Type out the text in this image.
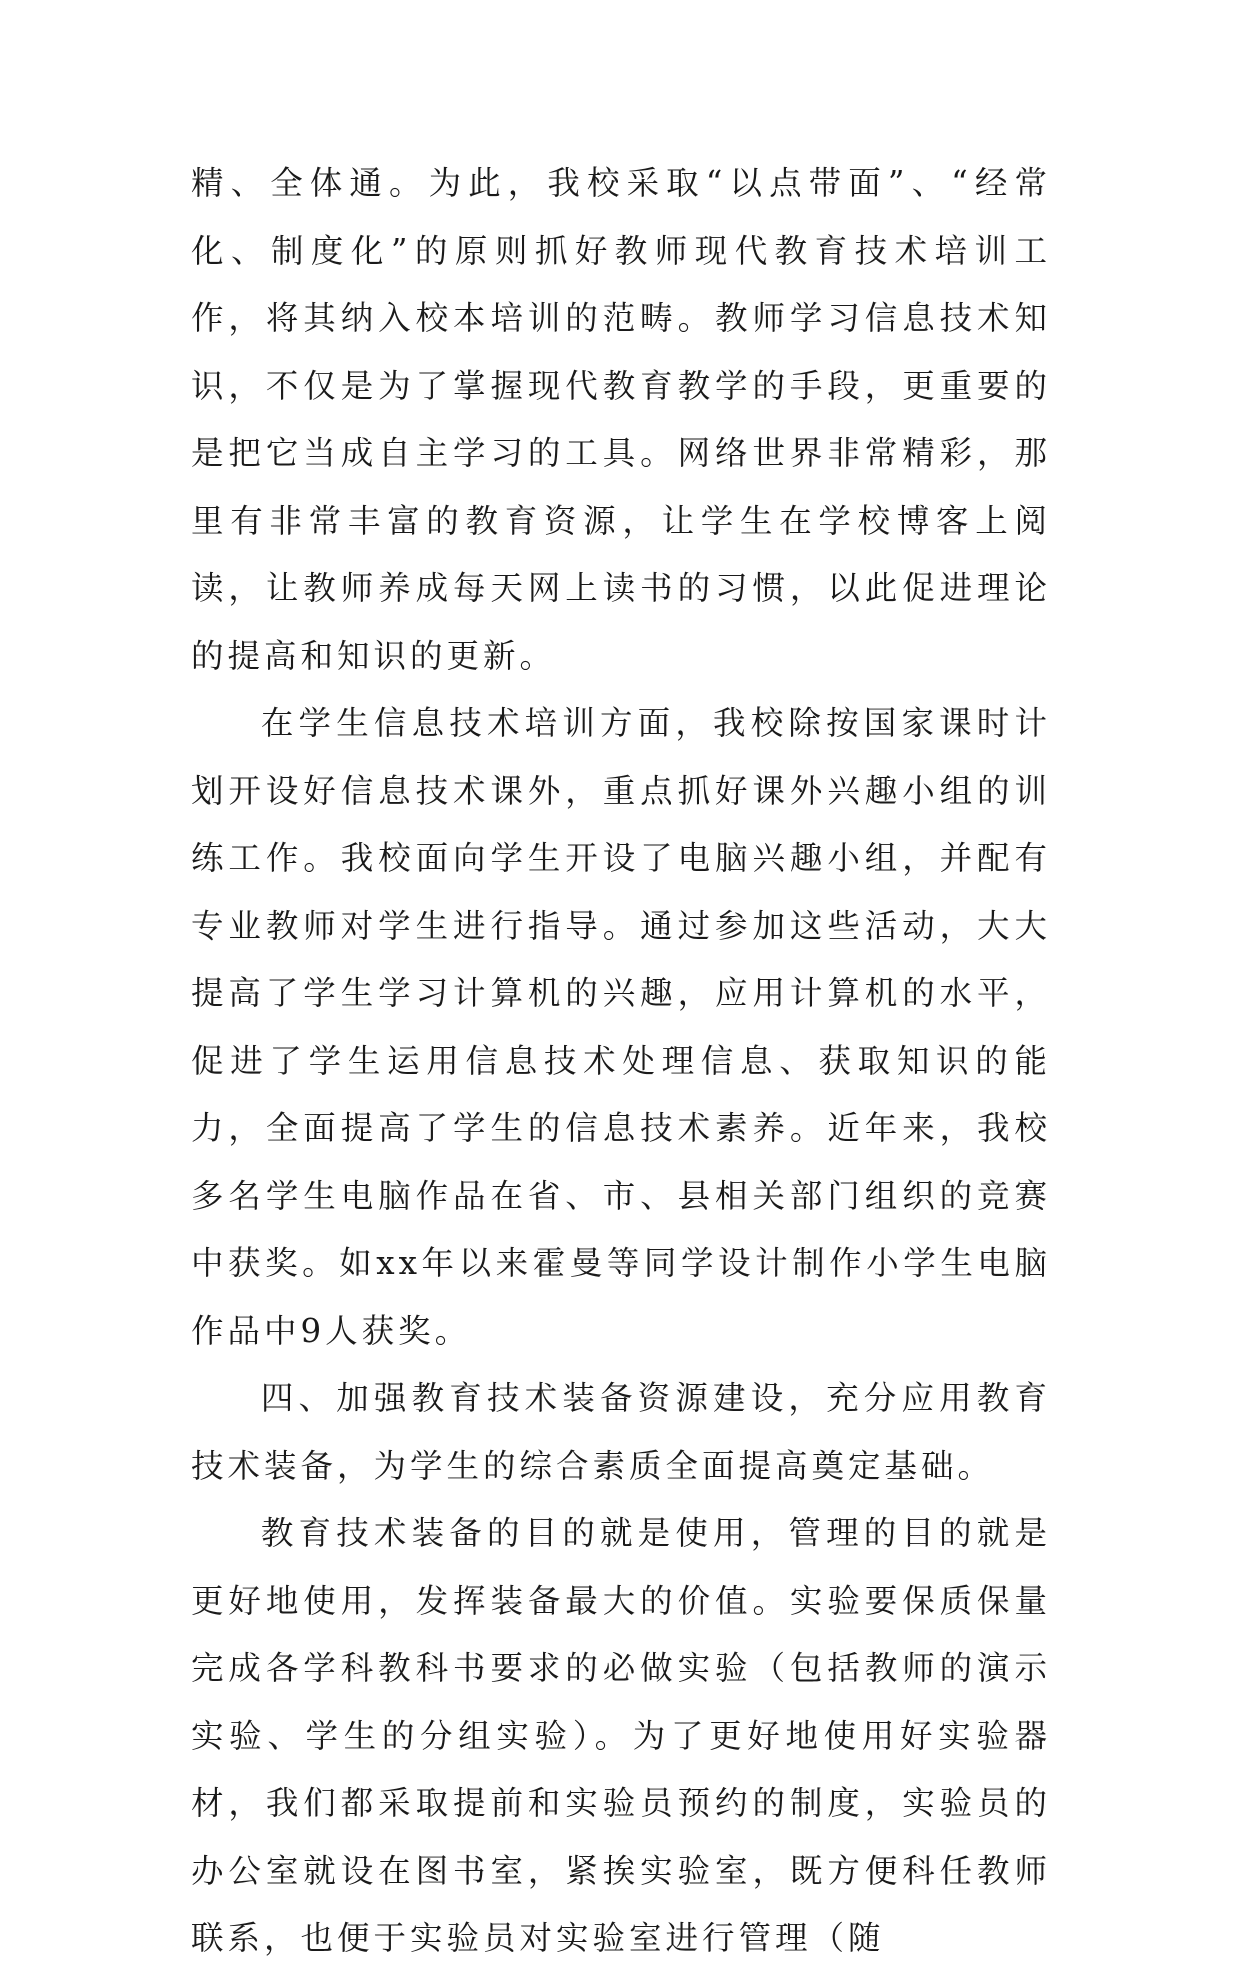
精、全体通。为此，我校采取“以点带面”、“经常化、制度化”的原则抓好教师现代教育技术培训工作，将其纳入校本培训的范畴。教师学习信息技术知识，不仅是为了掌握现代教育教学的手段，更重要的是把它当成自主学习的工具。网络世界非常精彩，那里有非常丰富的教育资源，让学生在学校博客上阅读，让教师养成每天网上读书的习惯，以此促进理论的提高和知识的更新。

在学生信息技术培训方面，我校除按国家课时计划开设好信息技术课外，重点抓好课外兴趣小组的训练工作。我校面向学生开设了电脑兴趣小组，并配有专业教师对学生进行指导。通过参加这些活动，大大提高了学生学习计算机的兴趣，应用计算机的水平，促进了学生运用信息技术处理信息、获取知识的能力，全面提高了学生的信息技术素养。近年来，我校多名学生电脑作品在省、市、县相关部门组织的竞赛中获奖。如xx年以来霍曼等同学设计制作小学生电脑作品中9人获奖。

四、加强教育技术装备资源建设，充分应用教育技术装备，为学生的综合素质全面提高奠定基础。

教育技术装备的目的就是使用，管理的目的就是更好地使用，发挥装备最大的价值。实验要保质保量完成各学科教科书要求的必做实验（包括教师的演示实验、学生的分组实验）。为了更好地使用好实验器材，我们都采取提前和实验员预约的制度，实验员的办公室就设在图书室，紧挨实验室，既方便科任教师联系，也便于实验员对实验室进行管理（随
